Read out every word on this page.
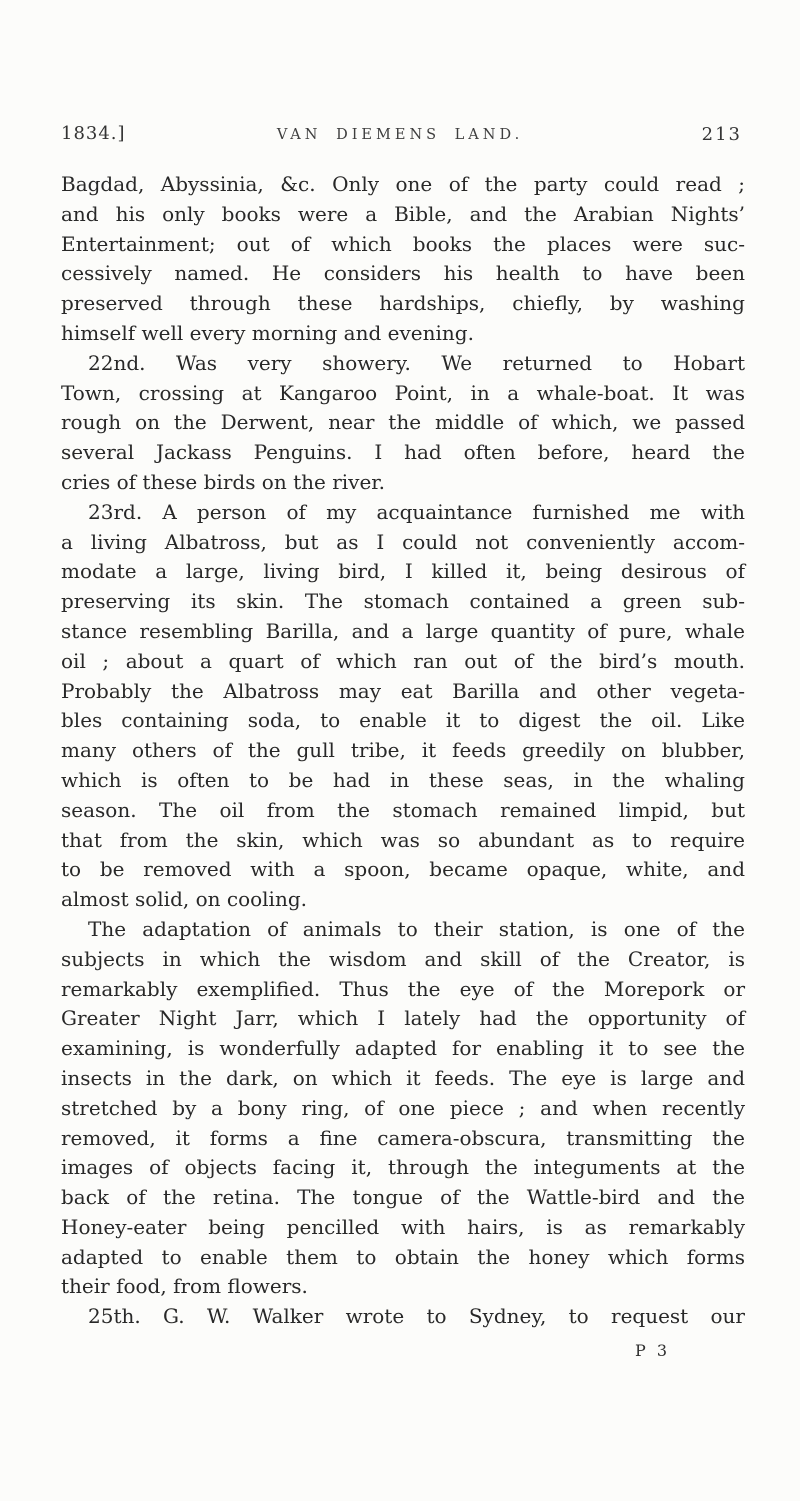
1834.]	VAN DIEMENS LAND.	213
Bagdad, Abyssinia, &c. Only one of the party could read ;
and his only books were a Bible, and the Arabian Nights’
Entertainment; out of which books the places were suc-
cessively named. He considers his health to have been
preserved through these hardships, chiefly, by washing
himself well every morning and evening.
22nd. Was very showery. We returned to Hobart
Town, crossing at Kangaroo Point, in a whale-boat. It was
rough on the Derwent, near the middle of which, we passed
several Jackass Penguins. I had often before, heard the
cries of these birds on the river.
23rd. A person of my acquaintance furnished me with
a living Albatross, but as I could not conveniently accom-
modate a large, living bird, I killed it, being desirous of
preserving its skin. The stomach contained a green sub-
stance resembling Barilla, and a large quantity of pure, whale
oil ; about a quart of which ran out of the bird’s mouth.
Probably the Albatross may eat Barilla and other vegeta-
bles containing soda, to enable it to digest the oil. Like
many others of the gull tribe, it feeds greedily on blubber,
which is often to be had in these seas, in the whaling
season. The oil from the stomach remained limpid, but
that from the skin, which was so abundant as to require
to be removed with a spoon, became opaque, white, and
almost solid, on cooling.
The adaptation of animals to their station, is one of the
subjects in which the wisdom and skill of the Creator, is
remarkably exemplified. Thus the eye of the Morepork or
Greater Night Jarr, which I lately had the opportunity of
examining, is wonderfully adapted for enabling it to see the
insects in the dark, on which it feeds. The eye is large and
stretched by a bony ring, of one piece ; and when recently
removed, it forms a fine camera-obscura, transmitting the
images of objects facing it, through the integuments at the
back of the retina. The tongue of the Wattle-bird and the
Honey-eater being pencilled with hairs, is as remarkably
adapted to enable them to obtain the honey which forms
their food, from flowers.
25th. G. W. Walker wrote to Sydney, to request our
P 3
